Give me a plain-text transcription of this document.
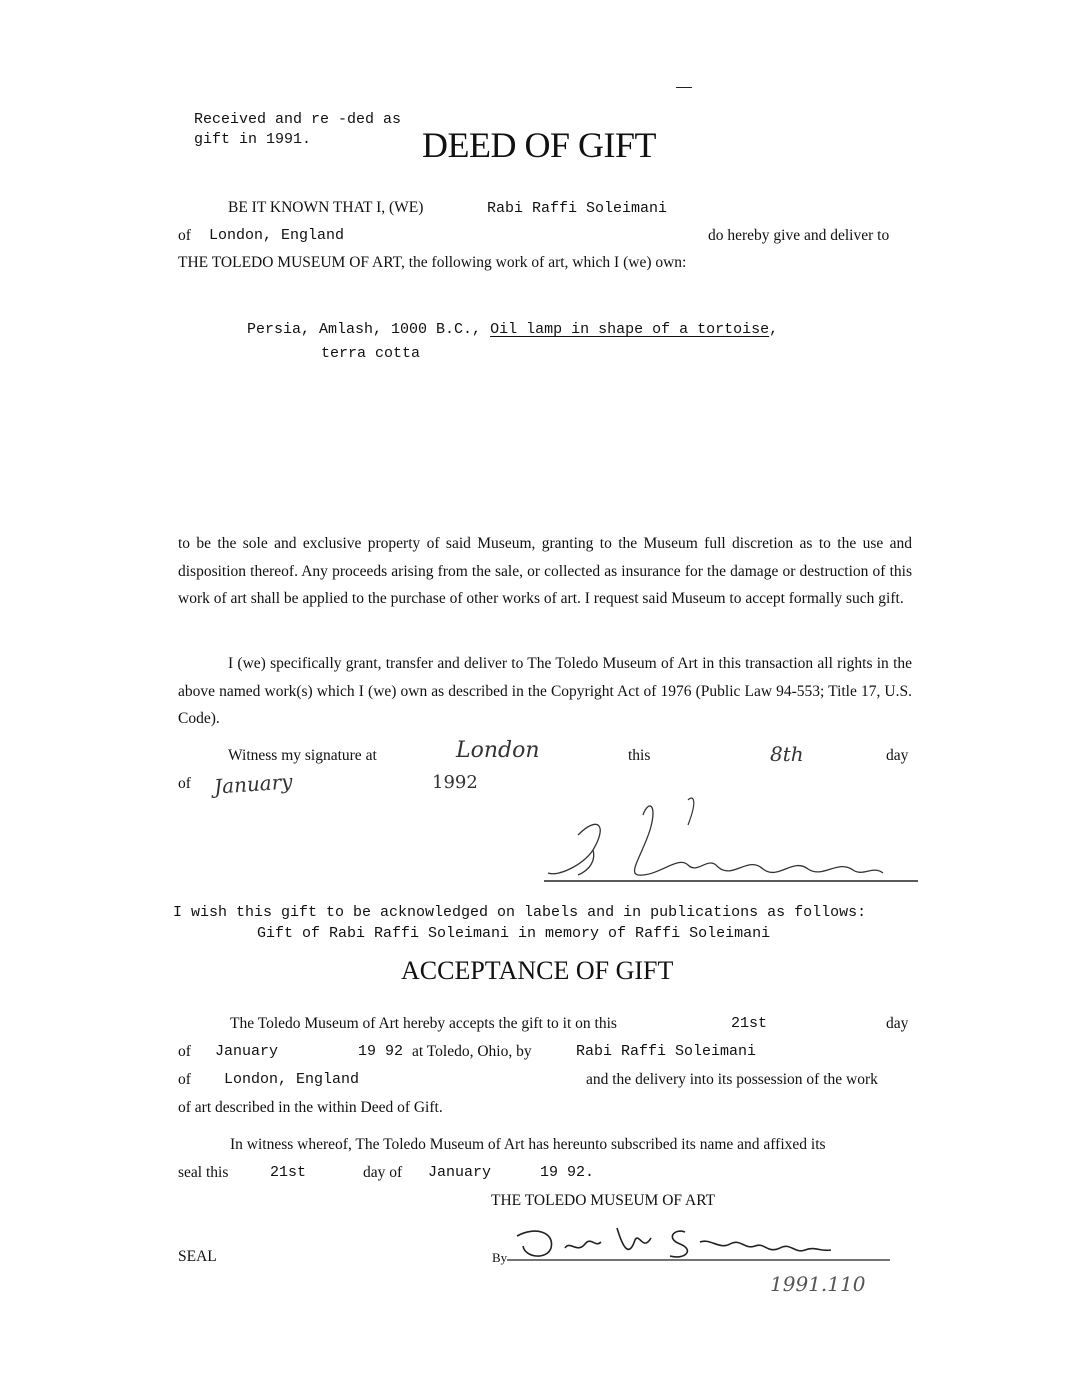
Received and re -ded as
gift in 1991.	DEED OF GIFT
BE IT KNOWN THAT I, (WE)	Rabi Raffi Soleimani
of London, England	do hereby give and deliver to
THE TOLEDO MUSEUM OF ART, the following work of art, which I (we) own:
Persia, Amlash, 1000 B.C., Oil lamp in shape of a tortoise,
terra cotta
to be the sole and exclusive property of said Museum, granting to the Museum full discretion as to the use and disposition thereof. Any proceeds arising from the sale, or collected as insurance for the damage or destruction of this work of art shall be applied to the purchase of other works of art. I request said Museum to accept formally such gift.
I (we) specifically grant, transfer and deliver to The Toledo Museum of Art in this transaction all rights in the above named work(s) which I (we) own as described in the Copyright Act of 1976 (Public Law 94-553; Title 17, U.S. Code).
Witness my signature at	London	this	8th	day
of January	1992
I wish this gift to be acknowledged on labels and in publications as follows:
Gift of Rabi Raffi Soleimani in memory of Raffi Soleimani
ACCEPTANCE OF GIFT
The Toledo Museum of Art hereby accepts the gift to it on this	21st	day
of January	19 92 at Toledo, Ohio, by	Rabi Raffi Soleimani
of London, England	and the delivery into its possession of the work
of art described in the within Deed of Gift.
In witness whereof, The Toledo Museum of Art has hereunto subscribed its name and affixed its
seal this	21st	day of January	19 92.
THE TOLEDO MUSEUM OF ART
SEAL	By
1991.110
